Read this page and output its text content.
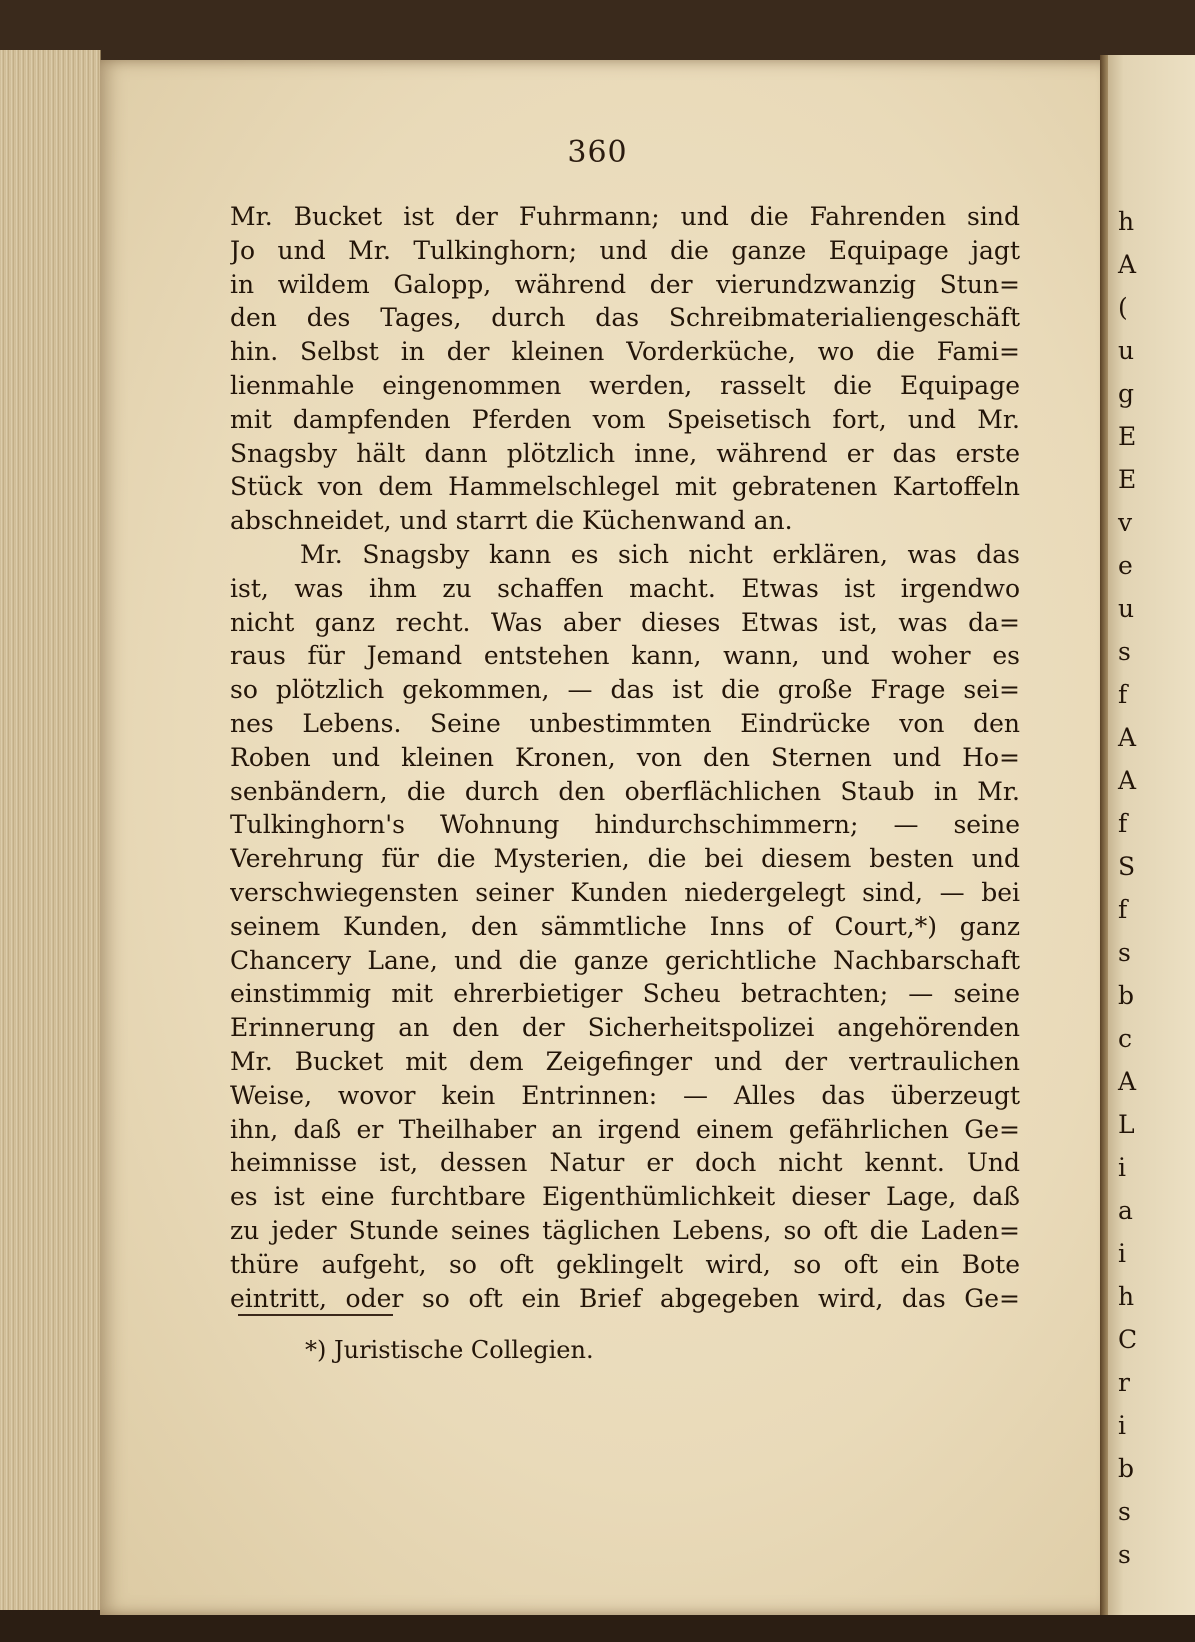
360
Mr. Bucket ist der Fuhrmann; und die Fahrenden sind
Jo und Mr. Tulkinghorn; und die ganze Equipage jagt
in wildem Galopp, während der vierundzwanzig Stun=
den des Tages, durch das Schreibmaterialiengeschäft
hin. Selbst in der kleinen Vorderküche, wo die Fami=
lienmahle eingenommen werden, rasselt die Equipage
mit dampfenden Pferden vom Speisetisch fort, und Mr.
Snagsby hält dann plötzlich inne, während er das erste
Stück von dem Hammelschlegel mit gebratenen Kartoffeln
abschneidet, und starrt die Küchenwand an.
Mr. Snagsby kann es sich nicht erklären, was das
ist, was ihm zu schaffen macht. Etwas ist irgendwo
nicht ganz recht. Was aber dieses Etwas ist, was da=
raus für Jemand entstehen kann, wann, und woher es
so plötzlich gekommen, — das ist die große Frage sei=
nes Lebens. Seine unbestimmten Eindrücke von den
Roben und kleinen Kronen, von den Sternen und Ho=
senbändern, die durch den oberflächlichen Staub in Mr.
Tulkinghorn's Wohnung hindurchschimmern; — seine
Verehrung für die Mysterien, die bei diesem besten und
verschwiegensten seiner Kunden niedergelegt sind, — bei
seinem Kunden, den sämmtliche Inns of Court,*) ganz
Chancery Lane, und die ganze gerichtliche Nachbarschaft
einstimmig mit ehrerbietiger Scheu betrachten; — seine
Erinnerung an den der Sicherheitspolizei angehörenden
Mr. Bucket mit dem Zeigefinger und der vertraulichen
Weise, wovor kein Entrinnen: — Alles das überzeugt
ihn, daß er Theilhaber an irgend einem gefährlichen Ge=
heimnisse ist, dessen Natur er doch nicht kennt. Und
es ist eine furchtbare Eigenthümlichkeit dieser Lage, daß
zu jeder Stunde seines täglichen Lebens, so oft die Laden=
thüre aufgeht, so oft geklingelt wird, so oft ein Bote
eintritt, oder so oft ein Brief abgegeben wird, das Ge=
*) Juristische Collegien.
h
A
(
u
g
E
E
v
e
u
s
f
A
A
f
S
f
s
b
c
A
L
i
a
i
h
C
r
i
b
s
s
